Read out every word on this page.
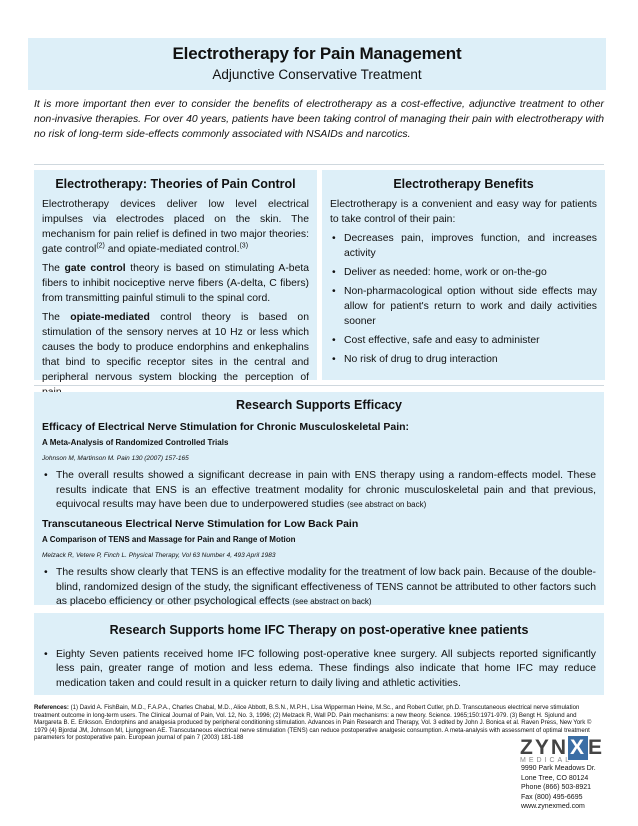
Electrotherapy for Pain Management
Adjunctive Conservative Treatment
It is more important then ever to consider the benefits of electrotherapy as a cost-effective, adjunctive treatment to other non-invasive therapies. For over 40 years, patients have been taking control of managing their pain with electrotherapy with no risk of long-term side-effects commonly associated with NSAIDs and narcotics.
Electrotherapy: Theories of Pain Control

Electrotherapy devices deliver low level electrical impulses via electrodes placed on the skin. The mechanism for pain relief is defined in two major theories: gate control$^{(2)}$ and opiate-mediated control.$^{(3)}$

The gate control theory is based on stimulating A-beta fibers to inhibit nociceptive nerve fibers (A-delta, C fibers) from transmitting painful stimuli to the spinal cord.

The opiate-mediated control theory is based on stimulation of the sensory nerves at 10 Hz or less which causes the body to produce endorphins and enkephalins that bind to specific receptor sites in the central and peripheral nervous system blocking the perception of

Electrotherapy Benefits

Electrotherapy is a convenient and easy way for patients to take control of their pain:

• Decreases pain, improves function, and increases activity
• Deliver as needed: home, work or on-the-go
• Non-pharmacological option without side effects may allow for patient's return to work and daily activities sooner
• Cost effective, safe and easy to administer
• No risk of drug to drug interaction
Research Supports Efficacy
Efficacy of Electrical Nerve Stimulation for Chronic Musculoskeletal Pain:
A Meta-Analysis of Randomized Controlled Trials
Johnson M, Martinson M. Pain 130 (2007) 157-165
• The overall results showed a significant decrease in pain with ENS therapy using a random-effects model. These results indicate that ENS is an effective treatment modality for chronic musculoskeletal pain and that previous, equivocal results may have been due to underpowered studies (see abstract on back)
Transcutaneous Electrical Nerve Stimulation for Low Back Pain
A Comparison of TENS and Massage for Pain and Range of Motion
Melzack R, Vetere P, Finch L. Physical Therapy, Vol 63 Number 4, 493 April 1983
• The results show clearly that TENS is an effective modality for the treatment of low back pain. Because of the double-blind, randomized design of the study, the significant effectiveness of TENS cannot be attributed to other factors such as placebo efficiency or other psychological effects (see abstract on back)
Research Supports home IFC Therapy on post-operative knee patients
• Eighty Seven patients received home IFC following post-operative knee surgery. All subjects reported significantly less pain, greater range of motion and less edema. These findings also indicate that home IFC may reduce medication taken and could result in a quicker return to daily living and athletic activities.
References: (1) David A. FishBain, M.D., F.A.P.A., Charles Chabal, M.D., Alice Abbott, B.S.N., M.P.H., Lisa Wipperman Heine, M.Sc., and Robert Cutler, ph.D. Transcutaneous electrical nerve stimulation treatment outcome in long-term users. The Clinical Journal of Pain, Vol. 12, No. 3, 1996; (2) Melzack R, Wall PD. Pain mechanisms: a new theory. Science. 1965;150:1971-979. (3) Bengt H. Sjolund and Margareta B. E. Eriksson. Endorphins and analgesia produced by peripheral conditioning stimulation. Advances in Pain Research and Therapy, Vol. 3 edited by John J. Bonica et al. Raven Press, New York © 1979 (4) Bjordal JM, Johnson MI, Ljunggreen AE. Transcutaneous electrical nerve stimulation (TENS) can reduce postoperative analgesic consumption. A meta-analysis with assessment of optimal treatment parameters for postoperative pain. European journal of pain 7 (2003) 181-188	ZYNXE
MEDICAL
9990 Park Meadows Dr.
Lone Tree, CO 80124
Phone (866) 503-8921
Fax (800) 495-6695
www.zynexmed.com
